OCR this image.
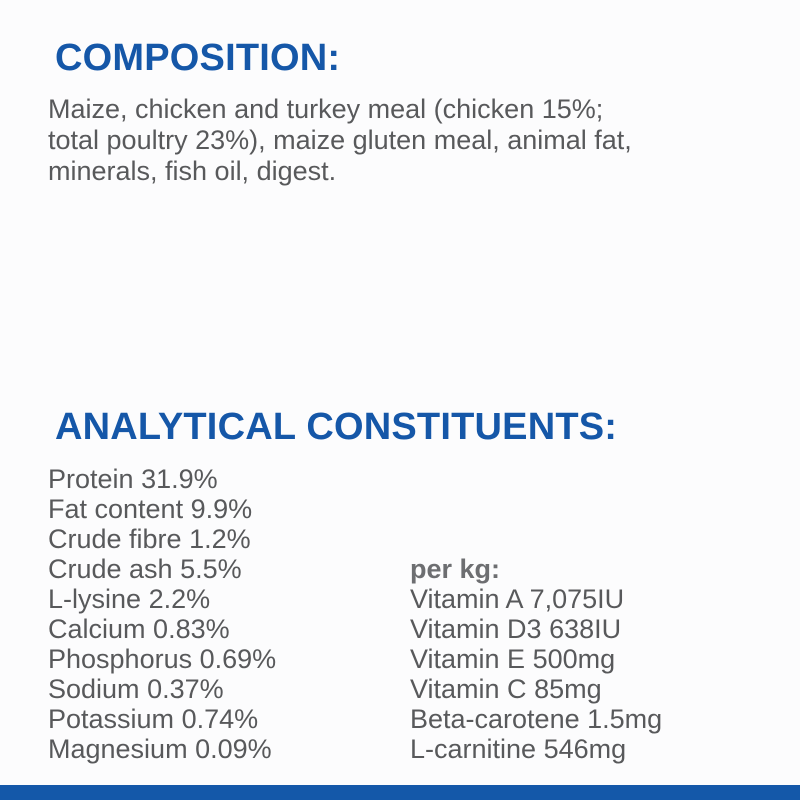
COMPOSITION:
Maize, chicken and turkey meal (chicken 15%;
total poultry 23%), maize gluten meal, animal fat,
minerals, fish oil, digest.
ANALYTICAL CONSTITUENTS:
Protein 31.9%
Fat content 9.9%
Crude fibre 1.2%
Crude ash 5.5%
L-lysine 2.2%
Calcium 0.83%
Phosphorus 0.69%
Sodium 0.37%
Potassium 0.74%
Magnesium 0.09%
per kg:
Vitamin A 7,075IU
Vitamin D3 638IU
Vitamin E 500mg
Vitamin C 85mg
Beta-carotene 1.5mg
L-carnitine 546mg
